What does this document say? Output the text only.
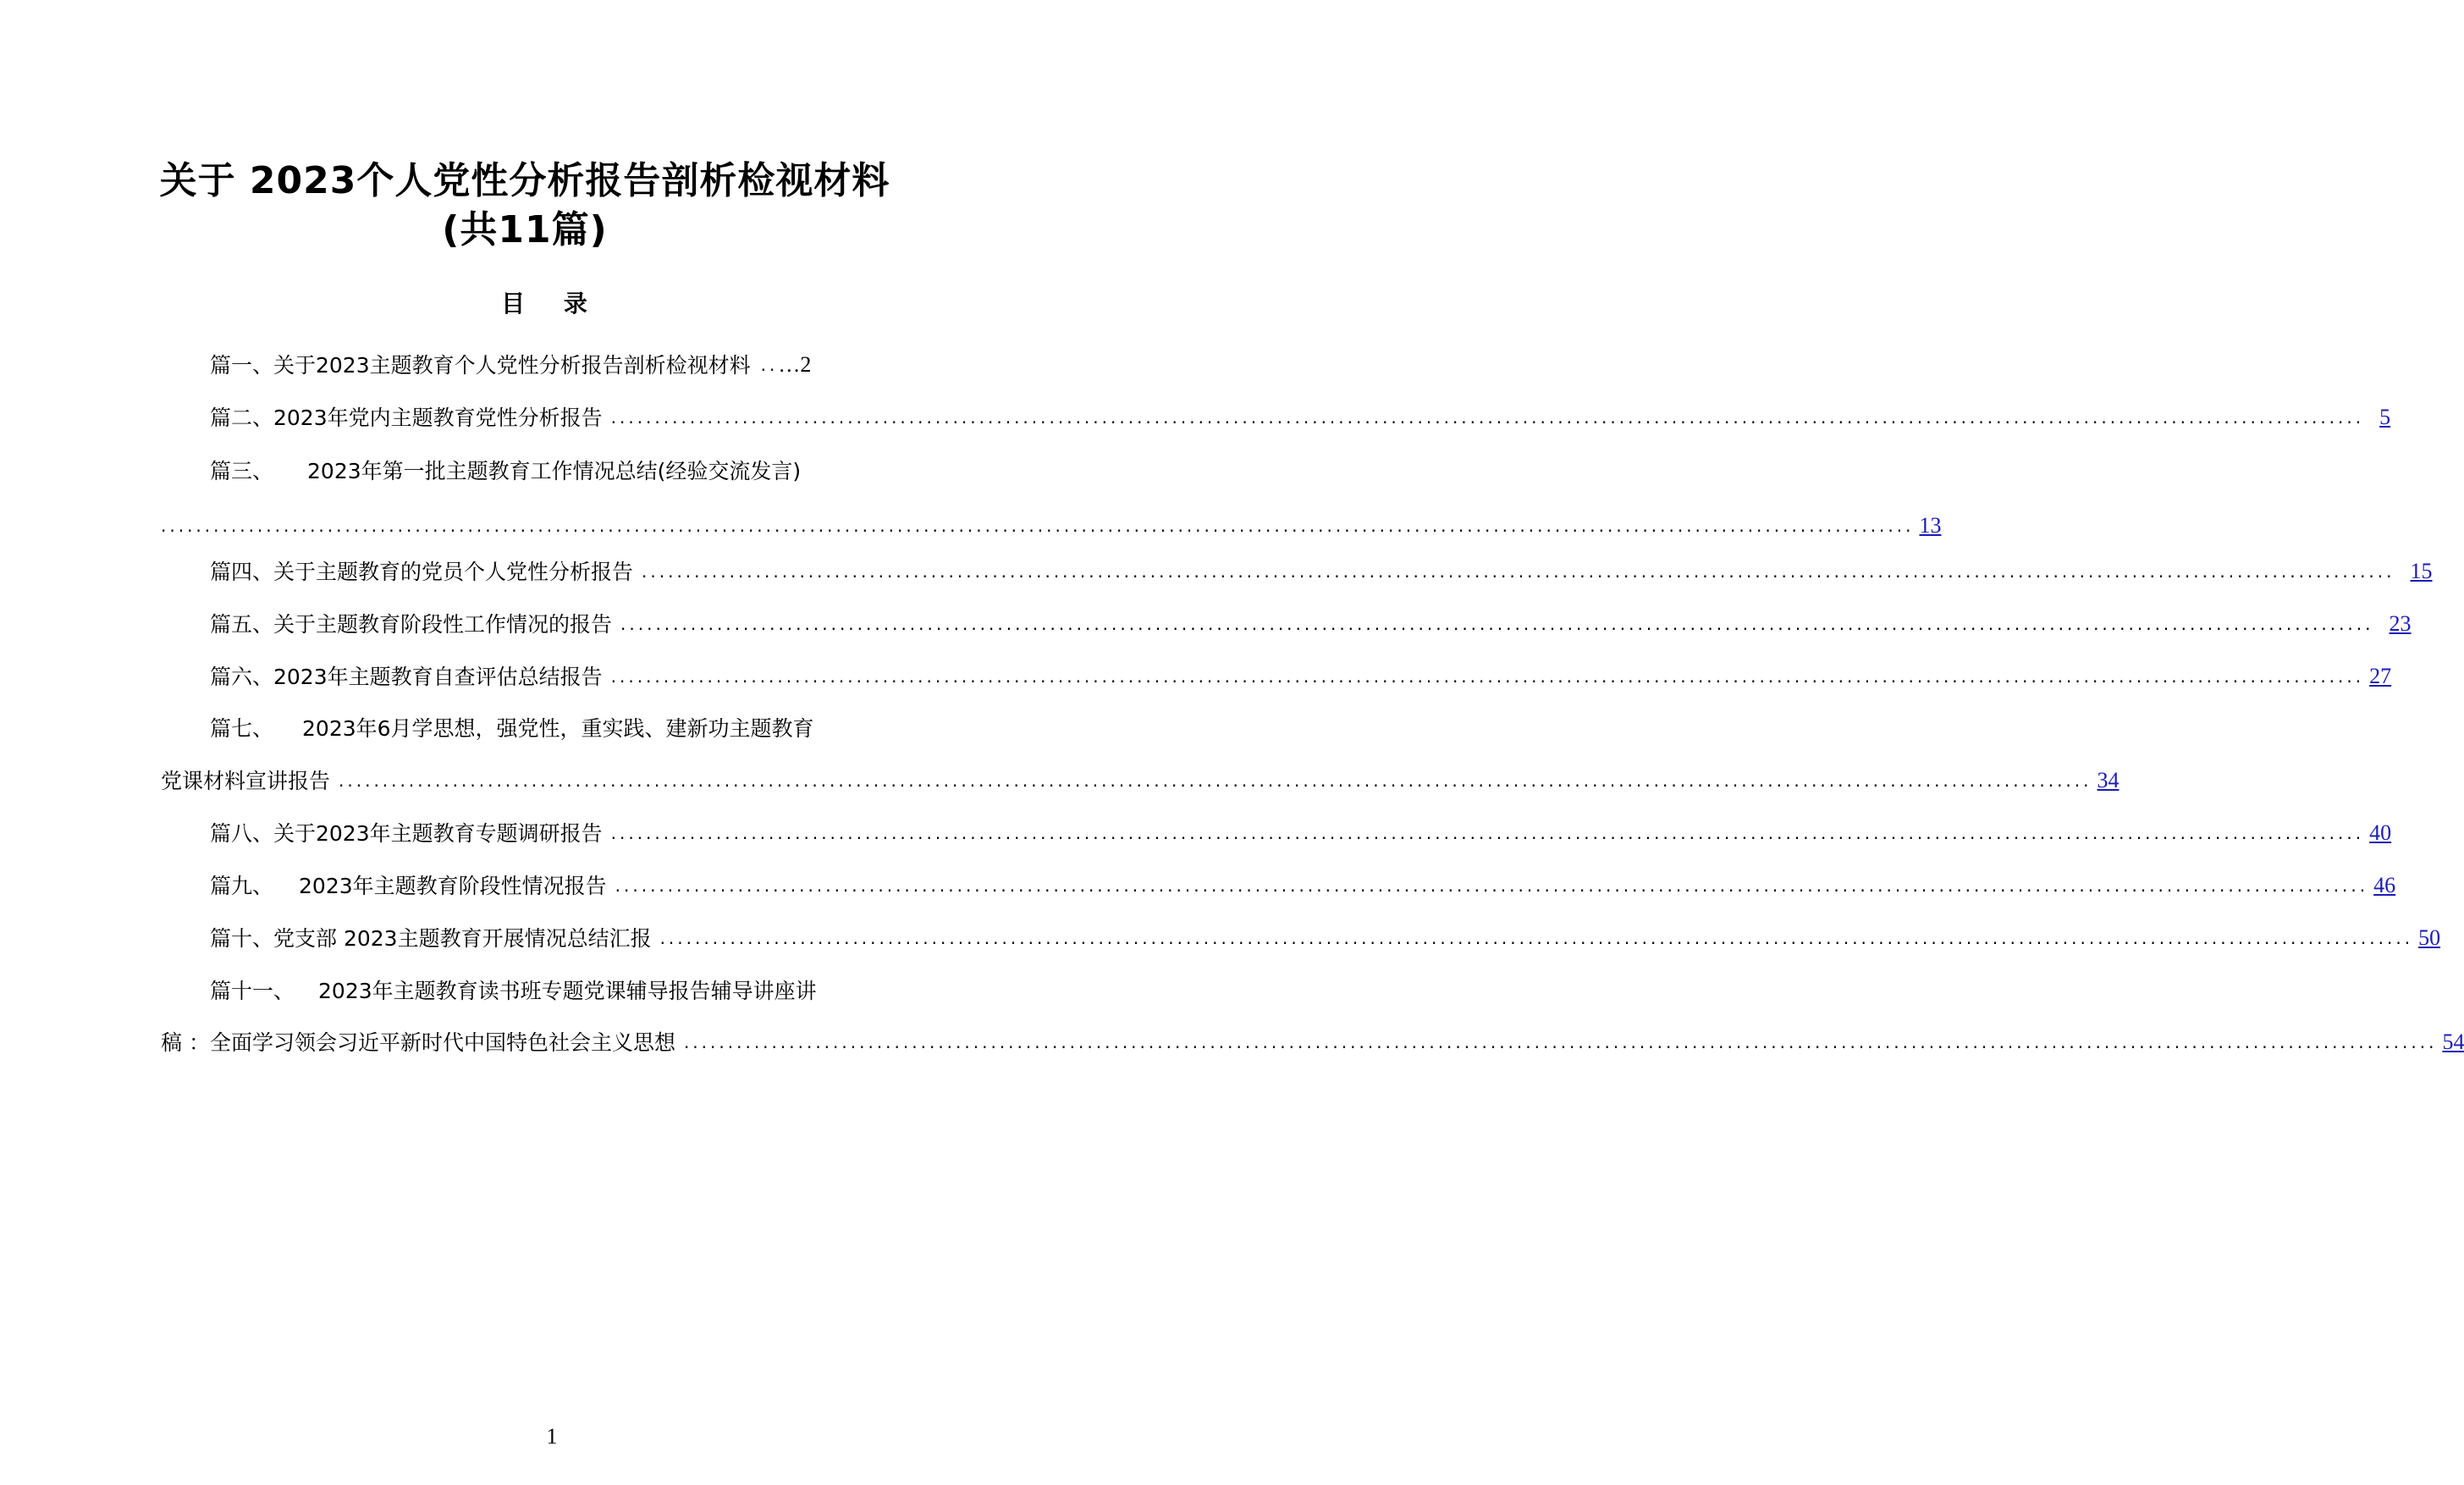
关于 2023个人党性分析报告剖析检视材料
(共11篇)
目 录
篇一、关于2023主题教育个人党性分析报告剖析检视材料 .. …2
篇二、2023年党内主题教育党性分析报告 ........................................................................................................................................................................................................ 5
篇三、 2023年第一批主题教育工作情况总结(经验交流发言)
........................................................................................................................................................................................................ 13
篇四、关于主题教育的党员个人党性分析报告 ........................................................................................................................................................................................................ 15
篇五、关于主题教育阶段性工作情况的报告 ........................................................................................................................................................................................................ 23
篇六、2023年主题教育自查评估总结报告 ........................................................................................................................................................................................................ 27
篇七、 2023年6月学思想，强党性，重实践、建新功主题教育
党课材料宣讲报告 ........................................................................................................................................................................................................ 34
篇八、关于2023年主题教育专题调研报告 ........................................................................................................................................................................................................ 40
篇九、 2023年主题教育阶段性情况报告 ........................................................................................................................................................................................................ 46
篇十、党支部 2023主题教育开展情况总结汇报 ........................................................................................................................................................................................................ 50
篇十一、 2023年主题教育读书班专题党课辅导报告辅导讲座讲
稿 ：全面学习领会习近平新时代中国特色社会主义思想 ........................................................................................................................................................................................................ 54
1
